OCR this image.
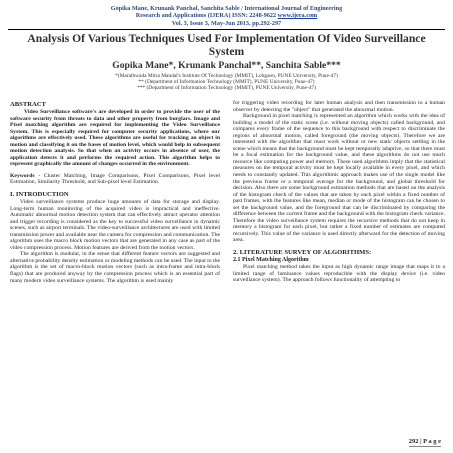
Gopika Mane, Krunank Panchal, Sanchita Sable / International Journal of Engineering
Research and Applications (IJERA) ISSN: 2248-9622 www.ijera.com
Vol. 3, Issue 3, May-Jun 2013, pp.292-297
Analysis Of Various Techniques Used For Implementation Of Video Surveillance System
Gopika Mane*, Krunank Panchal**, Sanchita Sable***
*(Marathwada Mitra Mandal's Institute Of Technology (MMIT), Lohgaon, PUNE University, Pune-47)
** (Department of Information Technology (MMIT), PUNE University, Pune-47)
*** (Department of Information Technology (MMIT), PUNE University, Pune-47)
ABSTRACT

Video Surveillance software's are developed in order to provide the user of the software security from threats to data and other property from burglars. Image and Pixel matching algorithm are required for implementing the Video Surveillance System. This is especially required for computer security applications, where our algorithms are effectively used. These algorithms are useful for tracking an object in motion and classifying it on the bases of motion level, which would help in subsequent motion detection analysis. So that when an activity occurs in absence of user, the application detects it and performs the required action. This algorithm helps to represent graphically the amount of changes occurred in the environment.

Keywords - Cluster Matching, Image Comparisons, Pixel Comparisons, Pixel level Estimation, Similarity Threshold, and Sub-pixel level Estimation.

I. INTRODUCTION

Video surveillance systems produce huge amounts of data for storage and display. Long-term human monitoring of the acquired video is impractical and ineffective. Automatic abnormal motion detection system that can effectively attract operator attention and trigger recording is considered as the key to successful video surveillance in dynamic scenes, such as airport terminals. The video-surveillance architectures are used with limited transmission power and available near the camera for compression and communication. The algorithm uses the macro block motion vectors that are generated in any case as part of the video compression process. Motion features are derived from the motion vectors.

The algorithm is modular, in the sense that different feature vectors are suggested and alternative probability density estimation or modeling methods can be used. The input to the algorithm is the set of macro-block motion vectors (such as intra-frame and intra-block flags) that are produced anyway by the compression process which is an essential part of many modern video surveillance systems. The algorithm is used mainly

for triggering video recording for later human analysis and then transmission to a human observer by detecting the "object" that generated the abnormal motion.

Background in pixel matching is represented an algorithm which works with the idea of building a model of the static scene (i.e. without moving objects) called background, and compares every frame of the sequence to this background with respect to discriminate the regions of abnormal motion, called foreground (the moving objects). Therefore we are interested with the algorithm that must work without or new static objects settling in the scene which means that the background must be kept temporally adaptive, so that there must be a focal estimation for the background value, and these algorithms do not use much resource like computing power and memory. These used algorithms imply that the statistical measures on the temporal activity must be kept locally available in every pixel, and which needs to constantly updated. This algorithmic approach makes use of the single model like the previous frame or a temporal average for the background, and global threshold for decision. Also there are some background estimation methods that are based on the analysis of the histogram check of the values that are taken by each pixel within a fixed number of past frames, with the features like mean, median or mode of the histogram can be chosen to set the background value, and the foreground that can be discriminated by comparing the difference between the current frame and the background with the histogram check variance. Therefore the video surveillance system requires the recursive methods that do not keep in memory a histogram for each pixel, but rather a fixed number of estimates are computed recursively. This value of the variance is used directly afterward for the detection of moving area.

2. LITERATURE SURVEY OF ALGORITHMS:
2.1 Pixel Matching Algorithm

Pixel matching method takes the input as high dynamic range image that maps it to a limited range of luminance values reproducible with the display device (i.e. video surveillance system). The approach follows functionality of attempting to

292 | P a g e
